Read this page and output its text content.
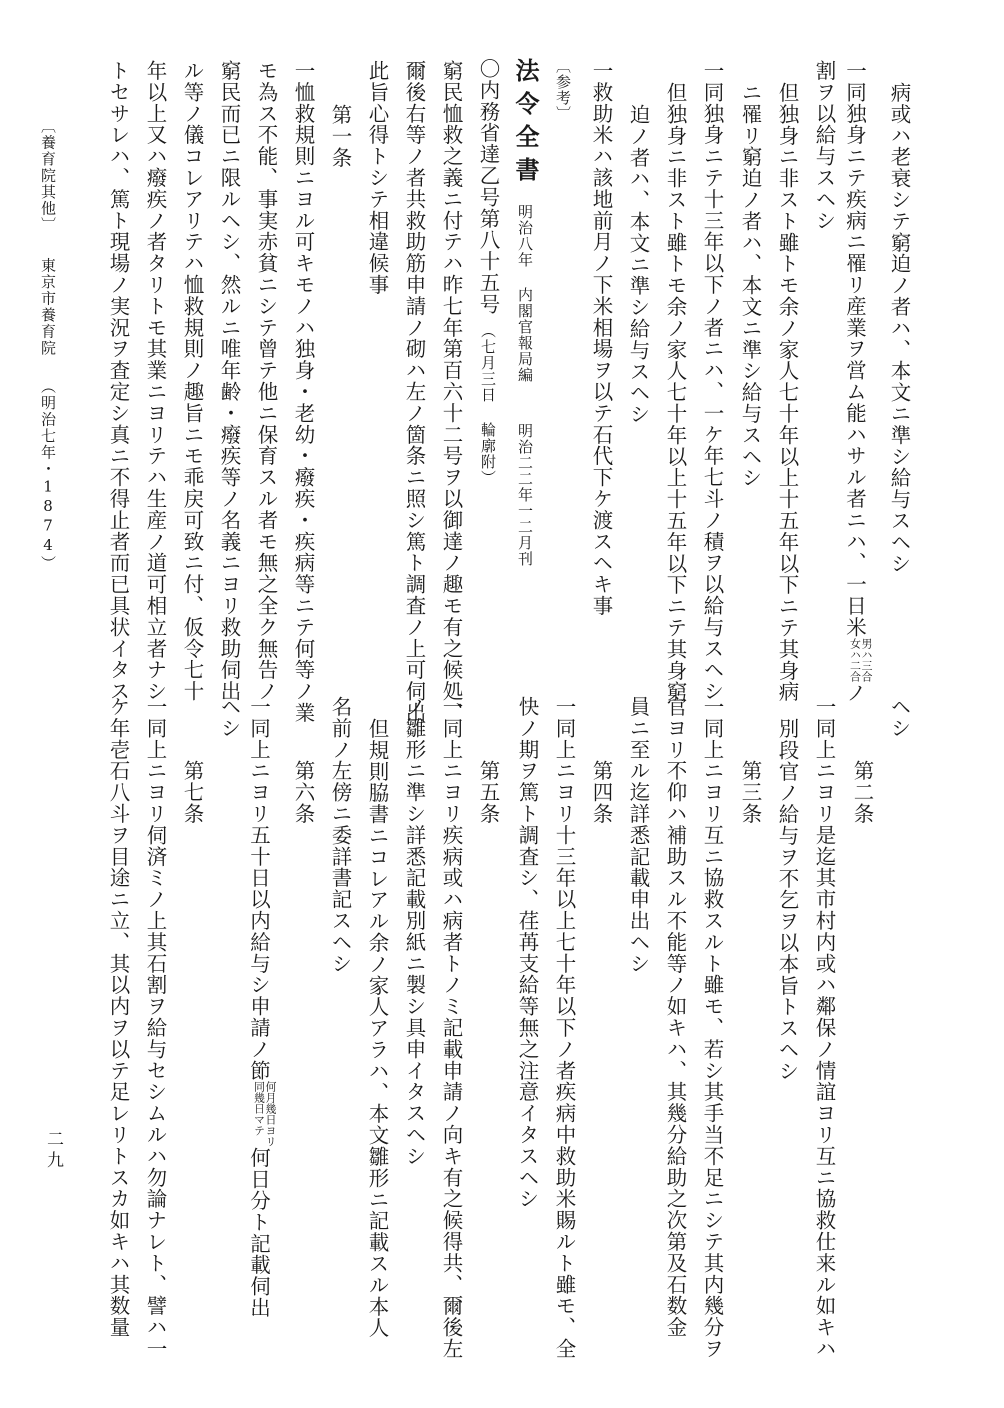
病或ハ老衰シテ窮迫ノ者ハ、本文ニ準シ給与スヘシ
一同独身ニテ疾病ニ罹リ産業ヲ営ム能ハサル者ニハ、一日米男ハ三合
女ハ二合ノ
割ヲ以給与スヘシ
但独身ニ非スト雖トモ余ノ家人七十年以上十五年以下ニテ其身病
ニ罹リ窮迫ノ者ハ、本文ニ準シ給与スヘシ
一同独身ニテ十三年以下ノ者ニハ、一ケ年七斗ノ積ヲ以給与スヘシ
但独身ニ非スト雖トモ余ノ家人七十年以上十五年以下ニテ其身窮
迫ノ者ハ、本文ニ準シ給与スヘシ
一救助米ハ該地前月ノ下米相場ヲ以テ石代下ケ渡スヘキ事
〔参考〕
法令全書明治八年 内閣官報局編明治二二年一二月刊
〇内務省達乙号第八十五号（七月三日 輪廓附）
窮民恤救之義ニ付テハ昨七年第百六十二号ヲ以御達ノ趣モ有之候処、
爾後右等ノ者共救助筋申請ノ砌ハ左ノ箇条ニ照シ篤ト調査ノ上可伺出
此旨心得トシテ相違候事
第一条
一恤救規則ニヨル可キモノハ独身・老幼・癈疾・疾病等ニテ何等ノ業
モ為ス不能、事実赤貧ニシテ曾テ他ニ保育スル者モ無之全ク無告ノ
窮民而已ニ限ルヘシ、然ルニ唯年齢・癈疾等ノ名義ニヨリ救助伺出
ル等ノ儀コレアリテハ恤救規則ノ趣旨ニモ乖戻可致ニ付、仮令七十
年以上又ハ癈疾ノ者タリトモ其業ニヨリテハ生産ノ道可相立者ナシ
トセサレハ、篤ト現場ノ実況ヲ査定シ真ニ不得止者而已具状イタス
ヘシ
第二条
一同上ニヨリ是迄其市村内或ハ鄰保ノ情誼ヨリ互ニ協救仕来ル如キハ
別段官ノ給与ヲ不乞ヲ以本旨トスヘシ
第三条
一同上ニヨリ互ニ協救スルト雖モ、若シ其手当不足ニシテ其内幾分ヲ
官ヨリ不仰ハ補助スル不能等ノ如キハ、其幾分給助之次第及石数金
員ニ至ル迄詳悉記載申出ヘシ
第四条
一同上ニヨリ十三年以上七十年以下ノ者疾病中救助米賜ルト雖モ、全
快ノ期ヲ篤ト調査シ、荏苒支給等無之注意イタスヘシ
第五条
一同上ニヨリ疾病或ハ病者トノミ記載申請ノ向キ有之候得共、爾後左
ノ雛形ニ準シ詳悉記載別紙ニ製シ具申イタスヘシ
但規則脇書ニコレアル余ノ家人アラハ、本文雛形ニ記載スル本人
名前ノ左傍ニ委詳書記スヘシ
第六条
一同上ニヨリ五十日以内給与シ申請ノ節何月幾日ヨリ
同幾日マテ何日分ト記載伺出
ヘシ
第七条
一同上ニヨリ伺済ミノ上其石割ヲ給与セシムルハ勿論ナレト、譬ハ一
ケ年壱石八斗ヲ目途ニ立、其以内ヲ以テ足レリトスカ如キハ其数量
〔養育院其他〕東京市養育院（明治七年・1874）
二九
